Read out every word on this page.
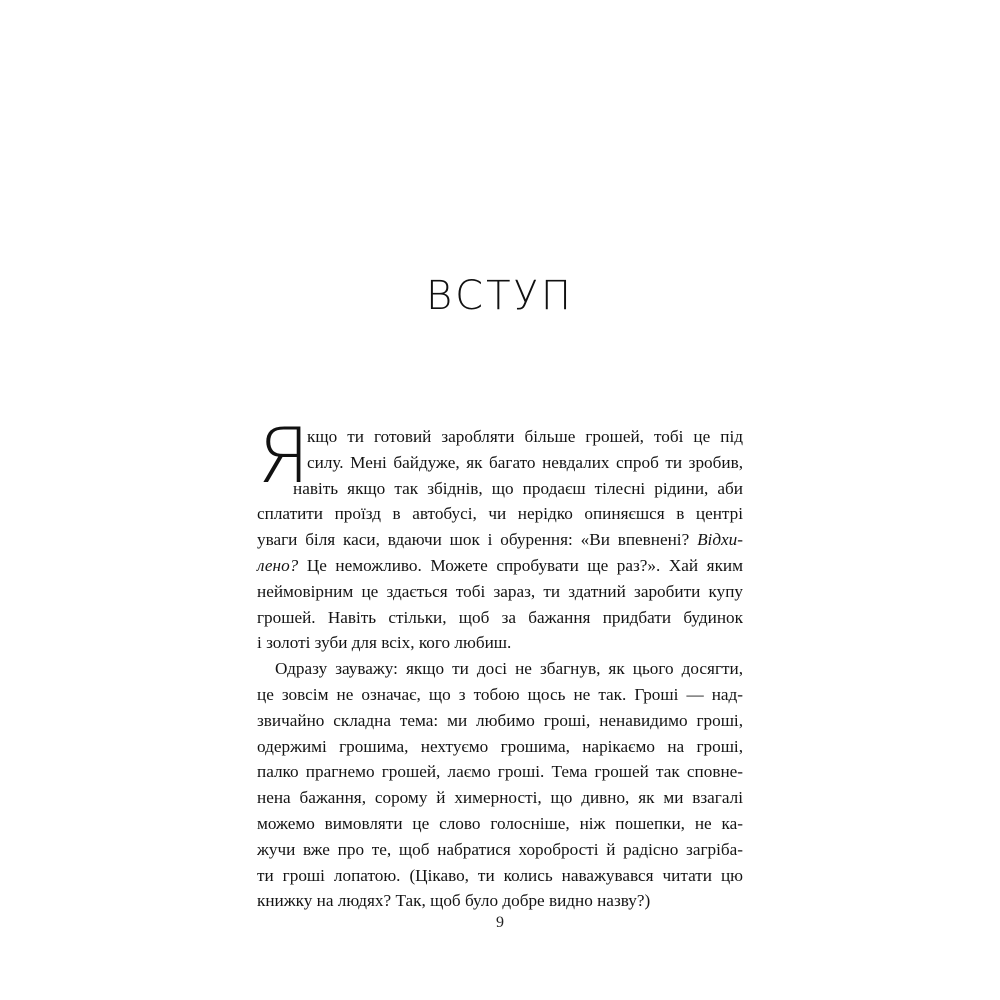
ВСТУП
Я
кщо ти готовий заробляти більше грошей, тобі це під
силу. Мені байдуже, як багато невдалих спроб ти зробив,
навіть якщо так збіднів, що продаєш тілесні рідини, аби
сплатити проїзд в автобусі, чи нерідко опиняєшся в центрі
уваги біля каси, вдаючи шок і обурення: «Ви впевнені? Відхи-
лено? Це неможливо. Можете спробувати ще раз?». Хай яким
неймовірним це здається тобі зараз, ти здатний заробити купу
грошей. Навіть стільки, щоб за бажання придбати будинок
і золоті зуби для всіх, кого любиш.
Одразу зауважу: якщо ти досі не збагнув, як цього досягти,
це зовсім не означає, що з тобою щось не так. Гроші — над-
звичайно складна тема: ми любимо гроші, ненавидимо гроші,
одержимі грошима, нехтуємо грошима, нарікаємо на гроші,
палко прагнемо грошей, лаємо гроші. Тема грошей так сповне-
нена бажання, сорому й химерності, що дивно, як ми взагалі
можемо вимовляти це слово голосніше, ніж пошепки, не ка-
жучи вже про те, щоб набратися хоробрості й радісно загріба-
ти гроші лопатою. (Цікаво, ти колись наважувався читати цю
книжку на людях? Так, щоб було добре видно назву?)
9
